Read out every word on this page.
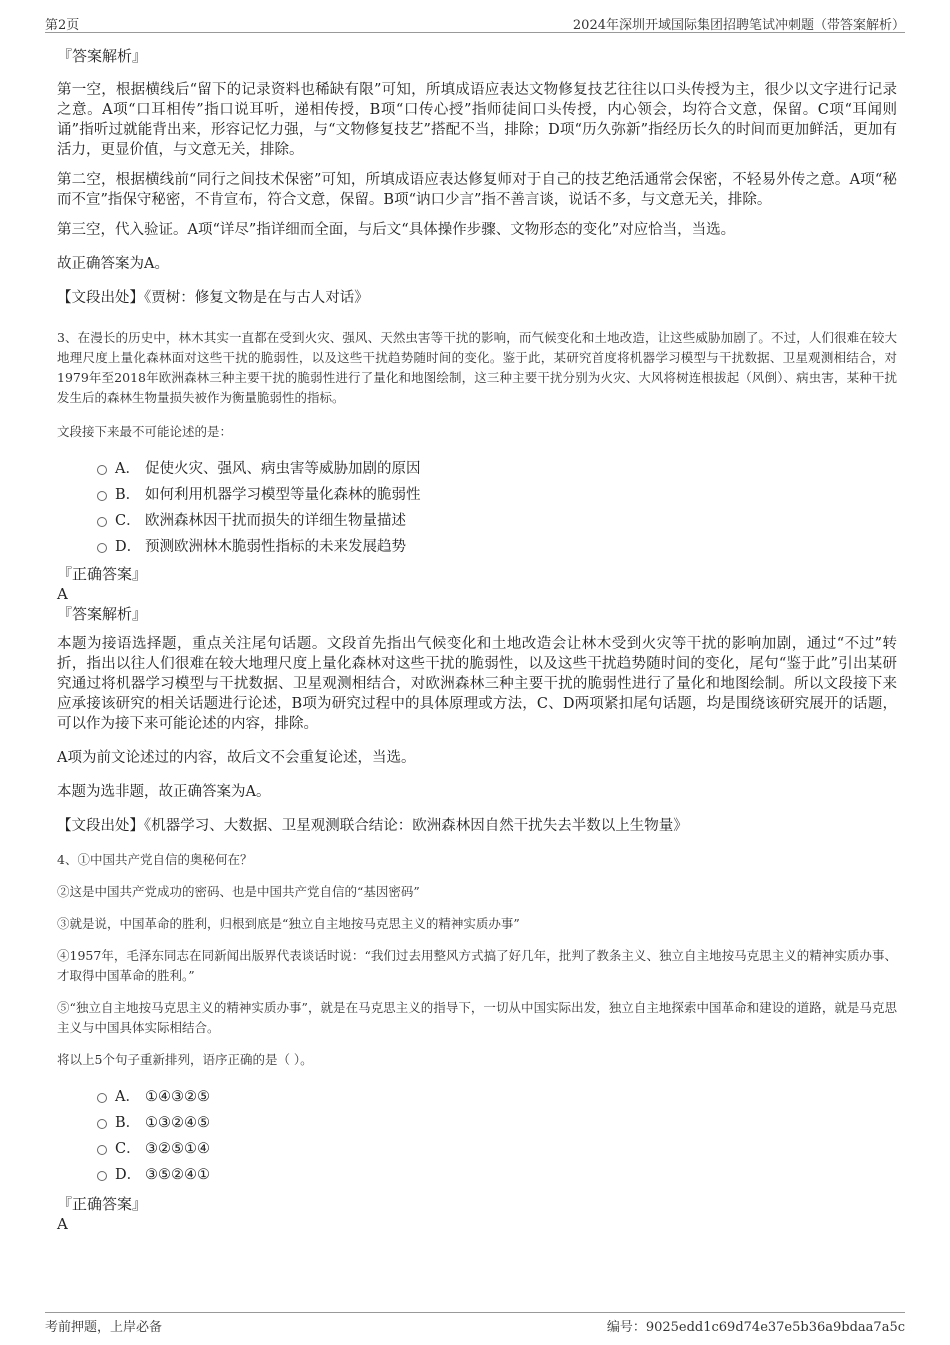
第2页	2024年深圳开域国际集团招聘笔试冲刺题（带答案解析）

『答案解析』

第一空，根据横线后“留下的记录资料也稀缺有限”可知，所填成语应表达文物修复技艺往往以口头传授为主，很少以文字进行记录之意。A项“口耳相传”指口说耳听，递相传授，B项“口传心授”指师徒间口头传授，内心领会，均符合文意，保留。C项“耳闻则诵”指听过就能背出来，形容记忆力强，与“文物修复技艺”搭配不当，排除；D项“历久弥新”指经历长久的时间而更加鲜活，更加有活力，更显价值，与文意无关，排除。

第二空，根据横线前“同行之间技术保密”可知，所填成语应表达修复师对于自己的技艺绝活通常会保密，不轻易外传之意。A项“秘而不宣”指保守秘密，不肯宣布，符合文意，保留。B项“讷口少言”指不善言谈，说话不多，与文意无关，排除。

第三空，代入验证。A项“详尽”指详细而全面，与后文“具体操作步骤、文物形态的变化”对应恰当，当选。

故正确答案为A。

【文段出处】《贾树：修复文物是在与古人对话》

3、在漫长的历史中，林木其实一直都在受到火灾、强风、天然虫害等干扰的影响，而气候变化和土地改造，让这些威胁加剧了。不过，人们很难在较大地理尺度上量化森林面对这些干扰的脆弱性，以及这些干扰趋势随时间的变化。鉴于此，某研究首度将机器学习模型与干扰数据、卫星观测相结合，对1979年至2018年欧洲森林三种主要干扰的脆弱性进行了量化和地图绘制，这三种主要干扰分别为火灾、大风将树连根拔起（风倒）、病虫害，某种干扰发生后的森林生物量损失被作为衡量脆弱性的指标。

文段接下来最不可能论述的是：

A． 促使火灾、强风、病虫害等威胁加剧的原因
B． 如何利用机器学习模型等量化森林的脆弱性
C． 欧洲森林因干扰而损失的详细生物量描述
D． 预测欧洲林木脆弱性指标的未来发展趋势

『正确答案』

A

『答案解析』

本题为接语选择题，重点关注尾句话题。文段首先指出气候变化和土地改造会让林木受到火灾等干扰的影响加剧，通过“不过”转折，指出以往人们很难在较大地理尺度上量化森林对这些干扰的脆弱性，以及这些干扰趋势随时间的变化，尾句“鉴于此”引出某研究通过将机器学习模型与干扰数据、卫星观测相结合，对欧洲森林三种主要干扰的脆弱性进行了量化和地图绘制。所以文段接下来应承接该研究的相关话题进行论述，B项为研究过程中的具体原理或方法，C、D两项紧扣尾句话题，均是围绕该研究展开的话题，可以作为接下来可能论述的内容，排除。

A项为前文论述过的内容，故后文不会重复论述，当选。

本题为选非题，故正确答案为A。

【文段出处】《机器学习、大数据、卫星观测联合结论：欧洲森林因自然干扰失去半数以上生物量》

4、①中国共产党自信的奥秘何在？

②这是中国共产党成功的密码、也是中国共产党自信的“基因密码”

③就是说，中国革命的胜利，归根到底是“独立自主地按马克思主义的精神实质办事”

④1957年，毛泽东同志在同新闻出版界代表谈话时说：“我们过去用整风方式搞了好几年，批判了教条主义、独立自主地按马克思主义的精神实质办事、才取得中国革命的胜利。”

⑤“独立自主地按马克思主义的精神实质办事”，就是在马克思主义的指导下，一切从中国实际出发，独立自主地探索中国革命和建设的道路，就是马克思主义与中国具体实际相结合。

将以上5个句子重新排列，语序正确的是（ ）。

A． ①④③②⑤
B． ①③②④⑤
C． ③②⑤①④
D． ③⑤②④①

『正确答案』

A

考前押题，上岸必备	编号：9025edd1c69d74e37e5b36a9bdaa7a5c
